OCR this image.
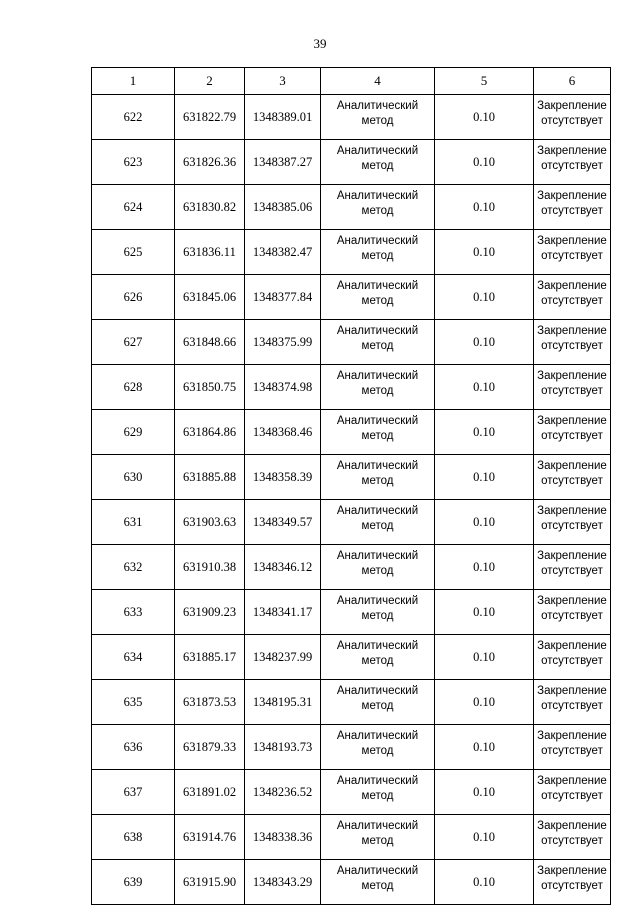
39
1	2	3	4	5	6
622	631822.79	1348389.01	Аналитический
метод	0.10	Закрепление
отсутствует

623	631826.36	1348387.27	Аналитический
метод	0.10	Закрепление
отсутствует

624	631830.82	1348385.06	Аналитический
метод	0.10	Закрепление
отсутствует

625	631836.11	1348382.47	Аналитический
метод	0.10	Закрепление
отсутствует

626	631845.06	1348377.84	Аналитический
метод	0.10	Закрепление
отсутствует

627	631848.66	1348375.99	Аналитический
метод	0.10	Закрепление
отсутствует

628	631850.75	1348374.98	Аналитический
метод	0.10	Закрепление
отсутствует

629	631864.86	1348368.46	Аналитический
метод	0.10	Закрепление
отсутствует

630	631885.88	1348358.39	Аналитический
метод	0.10	Закрепление
отсутствует

631	631903.63	1348349.57	Аналитический
метод	0.10	Закрепление
отсутствует

632	631910.38	1348346.12	Аналитический
метод	0.10	Закрепление
отсутствует

633	631909.23	1348341.17	Аналитический
метод	0.10	Закрепление
отсутствует

634	631885.17	1348237.99	Аналитический
метод	0.10	Закрепление
отсутствует

635	631873.53	1348195.31	Аналитический
метод	0.10	Закрепление
отсутствует

636	631879.33	1348193.73	Аналитический
метод	0.10	Закрепление
отсутствует

637	631891.02	1348236.52	Аналитический
метод	0.10	Закрепление
отсутствует

638	631914.76	1348338.36	Аналитический
метод	0.10	Закрепление
отсутствует

639	631915.90	1348343.29	Аналитический
метод	0.10	Закрепление
отсутствует
